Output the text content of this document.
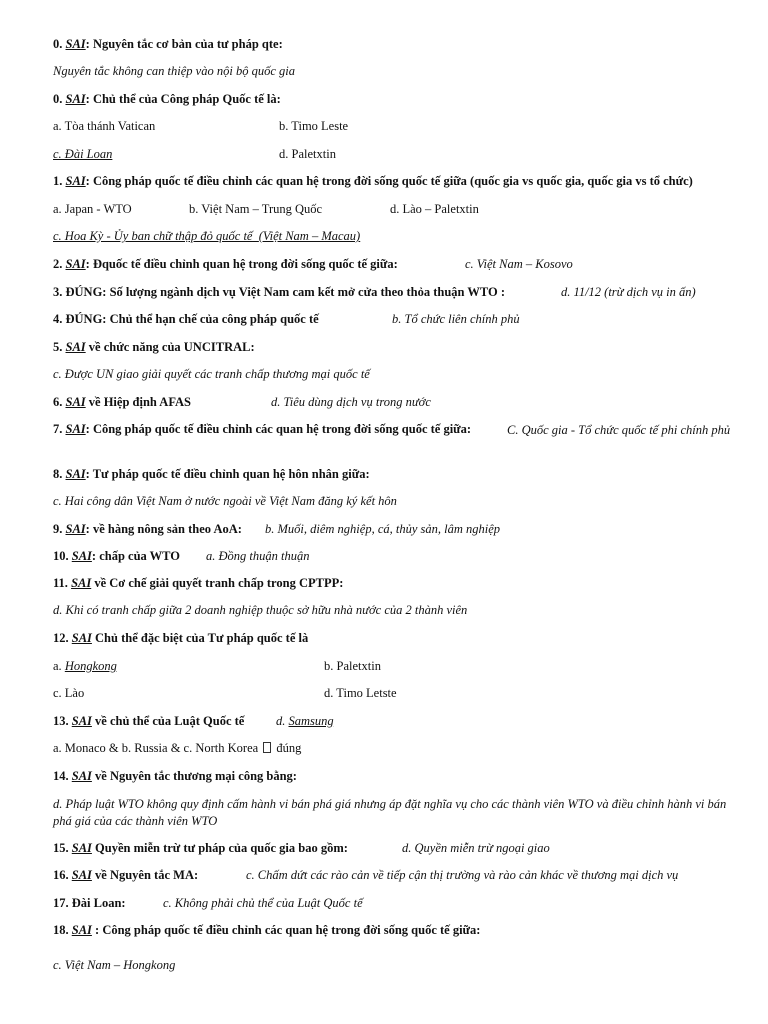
0. SAI: Nguyên tắc cơ bản của tư pháp qte:
Nguyên tắc không can thiệp vào nội bộ quốc gia
0. SAI: Chủ thể của Công pháp Quốc tế là:
a. Tòa thánh Vatican	b. Timo Leste
c. Đài Loan	d. Paletxtin
1. SAI: Công pháp quốc tế điều chỉnh các quan hệ trong đời sống quốc tế giữa (quốc gia vs quốc gia, quốc gia vs tổ chức)
a. Japan - WTO	b. Việt Nam – Trung Quốc	d. Lào – Paletxtin
c. Hoa Kỳ - Ủy ban chữ thập đỏ quốc tế (Việt Nam – Macau)
2. SAI: Đquốc tế điều chỉnh quan hệ trong đời sống quốc tế giữa:	c. Việt Nam – Kosovo
3. ĐÚNG: Số lượng ngành dịch vụ Việt Nam cam kết mở cửa theo thỏa thuận WTO :	d. 11/12 (trừ dịch vụ in ấn)
4. ĐÚNG: Chủ thể hạn chế của công pháp quốc tế	b. Tổ chức liên chính phủ
5. SAI về chức năng của UNCITRAL:
c. Được UN giao giải quyết các tranh chấp thương mại quốc tế
6. SAI về Hiệp định AFAS	d. Tiêu dùng dịch vụ trong nước
7. SAI: Công pháp quốc tế điều chỉnh các quan hệ trong đời sống quốc tế giữa:	C. Quốc gia - Tổ chức quốc tế phi chính phủ
8. SAI: Tư pháp quốc tế điều chỉnh quan hệ hôn nhân giữa:
c. Hai công dân Việt Nam ở nước ngoài về Việt Nam đăng ký kết hôn
9. SAI: về hàng nông sản theo AoA: b. Muối, diêm nghiệp, cá, thủy sản, lâm nghiệp
10. SAI: chấp của WTO a. Đồng thuận thuận
11. SAI về Cơ chế giải quyết tranh chấp trong CPTPP:
d. Khi có tranh chấp giữa 2 doanh nghiệp thuộc sở hữu nhà nước của 2 thành viên
12. SAI Chủ thể đặc biệt của Tư pháp quốc tế là
a. Hongkong	b. Paletxtin
c. Lào	d. Timo Letste
13. SAI về chủ thể của Luật Quốc tế	d. Samsung
a. Monaco & b. Russia & c. North Korea đúng
14. SAI về Nguyên tắc thương mại công bằng:
d. Pháp luật WTO không quy định cấm hành vi bán phá giá nhưng áp đặt nghĩa vụ cho các thành viên WTO và điều chỉnh hành vi bán phá giá của các thành viên WTO
15. SAI Quyền miễn trừ tư pháp của quốc gia bao gồm:	d. Quyền miễn trừ ngoại giao
16. SAI về Nguyên tắc MA:	c. Chấm dứt các rào cản về tiếp cận thị trường và rào cản khác về thương mại dịch vụ
17. Đài Loan:	c. Không phải chủ thể của Luật Quốc tế
18. SAI : Công pháp quốc tế điều chỉnh các quan hệ trong đời sống quốc tế giữa:
c. Việt Nam – Hongkong
